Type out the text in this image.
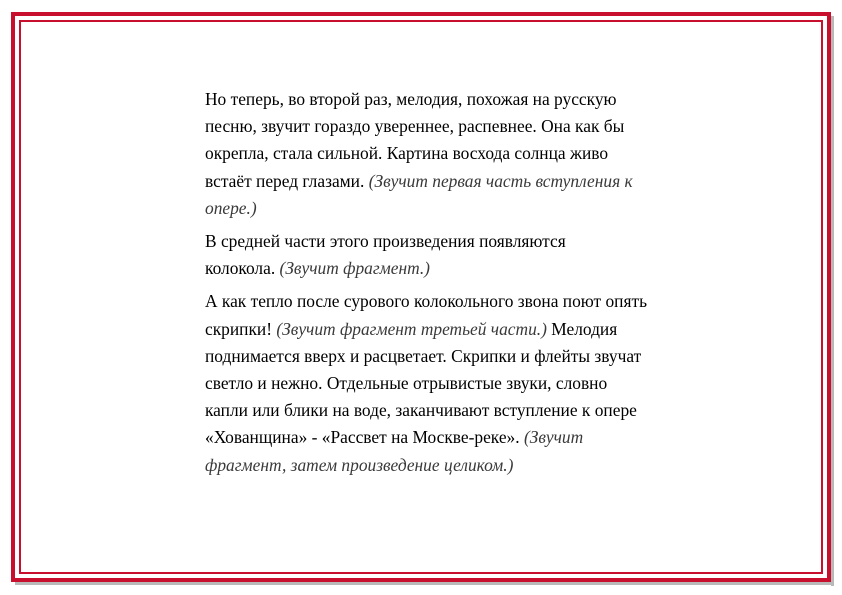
Но теперь, во второй раз, мелодия, похожая на русскую
песню, звучит гораздо увереннее, распевнее. Она как бы
окрепла, стала сильной. Картина восхода солнца живо
встаёт перед глазами. (Звучит первая часть вступления к
опере.)

В средней части этого произведения появляются
колокола. (Звучит фрагмент.)

А как тепло после сурового колокольного звона поют опять
скрипки! (Звучит фрагмент третьей части.) Мелодия
поднимается вверх и расцветает. Скрипки и флейты звучат
светло и нежно. Отдельные отрывистые звуки, словно
капли или блики на воде, заканчивают вступление к опере
«Хованщина» - «Рассвет на Москве-реке». (Звучит
фрагмент, затем произведение целиком.)
